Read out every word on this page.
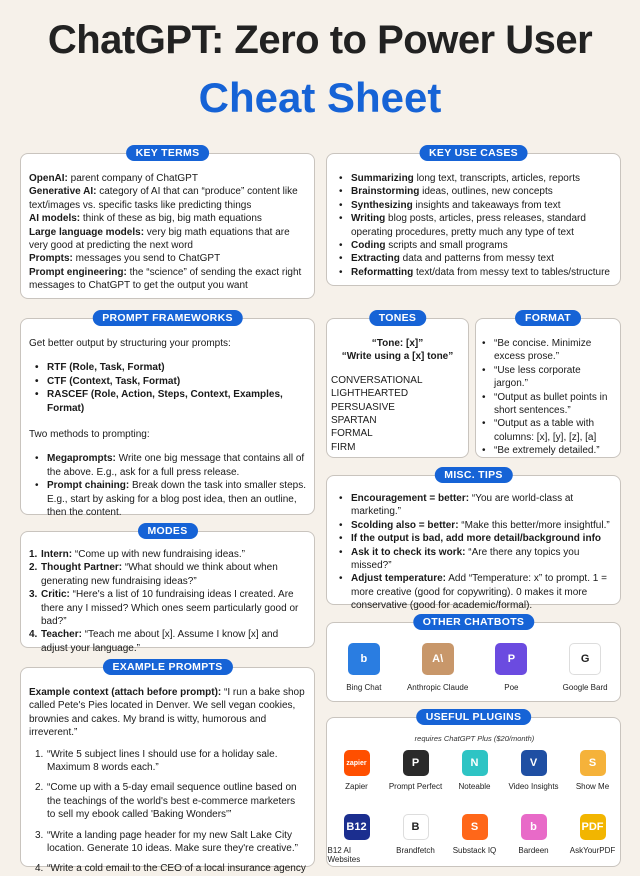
ChatGPT: Zero to Power User
Cheat Sheet
KEY TERMS
OpenAI: parent company of ChatGPT
Generative AI: category of AI that can “produce” content like text/images vs. specific tasks like predicting things
AI models: think of these as big, big math equations
Large language models: very big math equations that are very good at predicting the next word
Prompts: messages you send to ChatGPT
Prompt engineering: the “science” of sending the exact right messages to ChatGPT to get the output you want
KEY USE CASES
• Summarizing long text, transcripts, articles, reports
• Brainstorming ideas, outlines, new concepts
• Synthesizing insights and takeaways from text
• Writing blog posts, articles, press releases, standard operating procedures, pretty much any type of text
• Coding scripts and small programs
• Extracting data and patterns from messy text
• Reformatting text/data from messy text to tables/structure
PROMPT FRAMEWORKS
Get better output by structuring your prompts:
• RTF (Role, Task, Format)
• CTF (Context, Task, Format)
• RASCEF (Role, Action, Steps, Context, Examples, Format)
Two methods to prompting:
• Megaprompts: Write one big message that contains all of the above. E.g., ask for a full press release.
• Prompt chaining: Break down the task into smaller steps. E.g., start by asking for a blog post idea, then an outline, then the content.
TONES
“Tone: [x]”
“Write using a [x] tone”
CONVERSATIONAL
LIGHTHEARTED
PERSUASIVE
SPARTAN
FORMAL
FIRM
FORMAT
• “Be concise. Minimize excess prose.”
• “Use less corporate jargon.”
• “Output as bullet points in short sentences.”
• “Output as a table with columns: [x], [y], [z], [a]
• “Be extremely detailed.”
MISC. TIPS
• Encouragement = better: “You are world-class at marketing.”
• Scolding also = better: “Make this better/more insightful.”
• If the output is bad, add more detail/background info
• Ask it to check its work: “Are there any topics you missed?”
• Adjust temperature: Add “Temperature: x” to prompt. 1 = more creative (good for copywriting). 0 makes it more conservative (good for academic/formal).
MODES
1. Intern: “Come up with new fundraising ideas.”
2. Thought Partner: “What should we think about when generating new fundraising ideas?”
3. Critic: “Here's a list of 10 fundraising ideas I created. Are there any I missed? Which ones seem particularly good or bad?”
4. Teacher: “Teach me about [x]. Assume I know [x] and adjust your language.”
EXAMPLE PROMPTS
Example context (attach before prompt): “I run a bake shop called Pete's Pies located in Denver. We sell vegan cookies, brownies and cakes. My brand is witty, humorous and irreverent.”
1. “Write 5 subject lines I should use for a holiday sale. Maximum 8 words each.”
2. “Come up with a 5-day email sequence outline based on the teachings of the world's best e-commerce marketers to sell my ebook called 'Baking Wonders'”
3. “Write a landing page header for my new Salt Lake City location. Generate 10 ideas. Make sure they're creative.”
4. “Write a cold email to the CEO of a local insurance agency
OTHER CHATBOTS
b
Bing Chat
A\
Anthropic Claude
P
Poe
G
Google Bard
USEFUL PLUGINS
requires ChatGPT Plus ($20/month)
zapier
Zapier
P
Prompt Perfect
N
Noteable
V
Video Insights
S
Show Me
B12
B12 AI Websites
B
Brandfetch
S
Substack IQ
b
Bardeen
PDF
AskYourPDF
